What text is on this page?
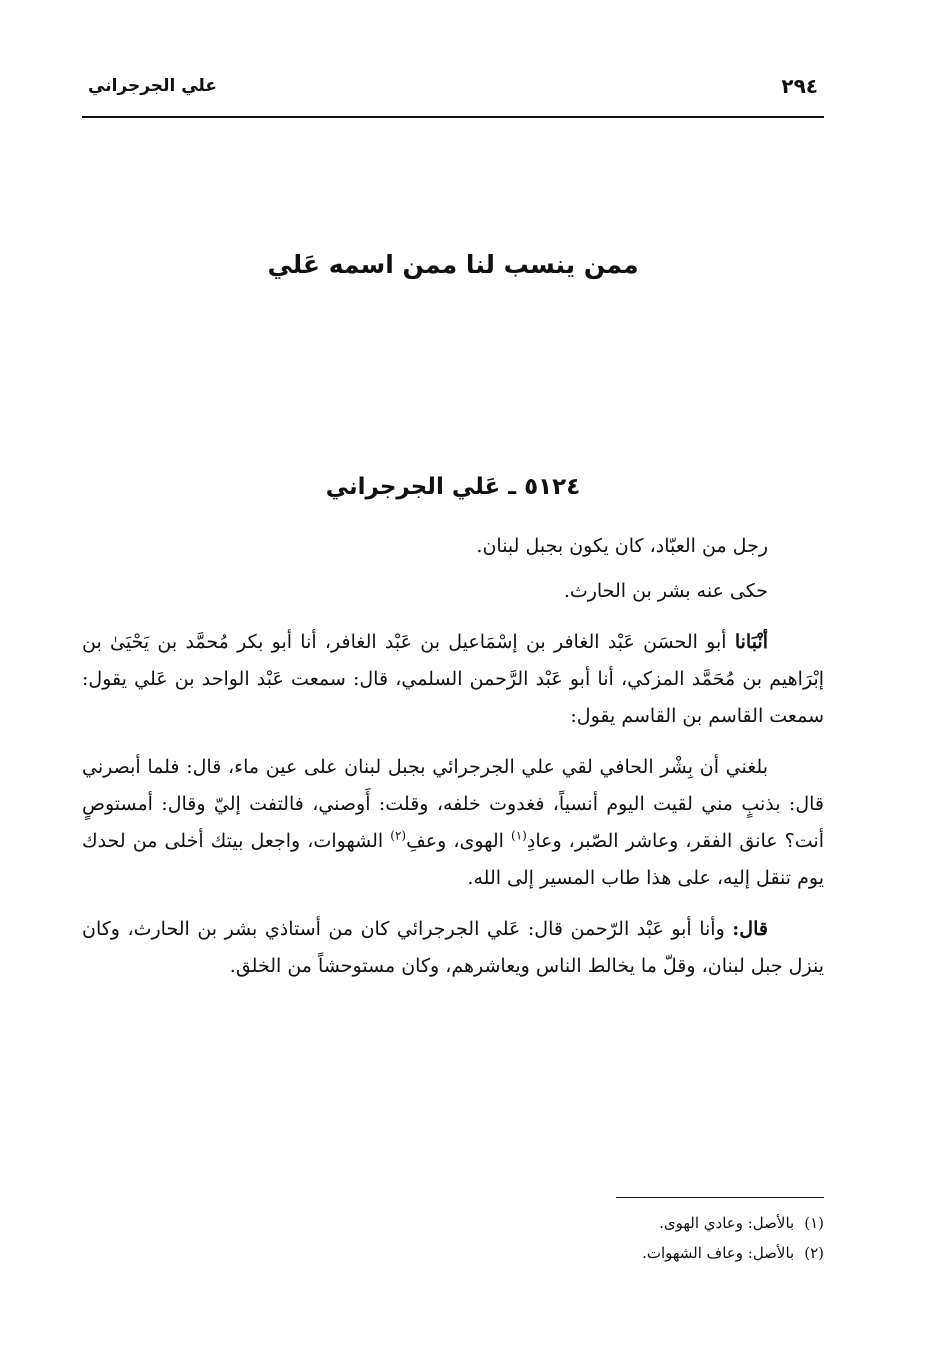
٢٩٤
علي الجرجراني
ممن ينسب لنا ممن اسمه عَلي
٥١٢٤ ـ عَلي الجرجراني

رجل من العبّاد، كان يكون بجبل لبنان.

حكى عنه بشر بن الحارث.

أنْبَانا أبو الحسَن عَبْد الغافر بن إسْمَاعيل بن عَبْد الغافر، أنا أبو بكر مُحمَّد بن يَحْيَىٰ بن إبْرَاهيم بن مُحَمَّد المزكي، أنا أبو عَبْد الرَّحمن السلمي، قال: سمعت عَبْد الواحد بن عَلي يقول: سمعت القاسم بن القاسم يقول:

بلغني أن بِشْر الحافي لقي علي الجرجرائي بجبل لبنان على عين ماء، قال: فلما أبصرني قال: بذنبٍ مني لقيت اليوم أنسياً، فغدوت خلفه، وقلت: أَوصني، فالتفت إليّ وقال: أمستوصٍ أنت؟ عانق الفقر، وعاشر الصّبر، وعادِ$^{(١)}$ الهوى، وعفِ$^{(٢)}$ الشهوات، واجعل بيتك أخلى من لحدك يوم تنقل إليه، على هذا طاب المسير إلى الله.

قال: وأنا أبو عَبْد الرّحمن قال: عَلي الجرجرائي كان من أستاذي بشر بن الحارث، وكان ينزل جبل لبنان، وقلّ ما يخالط الناس ويعاشرهم، وكان مستوحشاً من الخلق.

(١)بالأصل: وعادي الهوى.

(٢)بالأصل: وعاف الشهوات.
